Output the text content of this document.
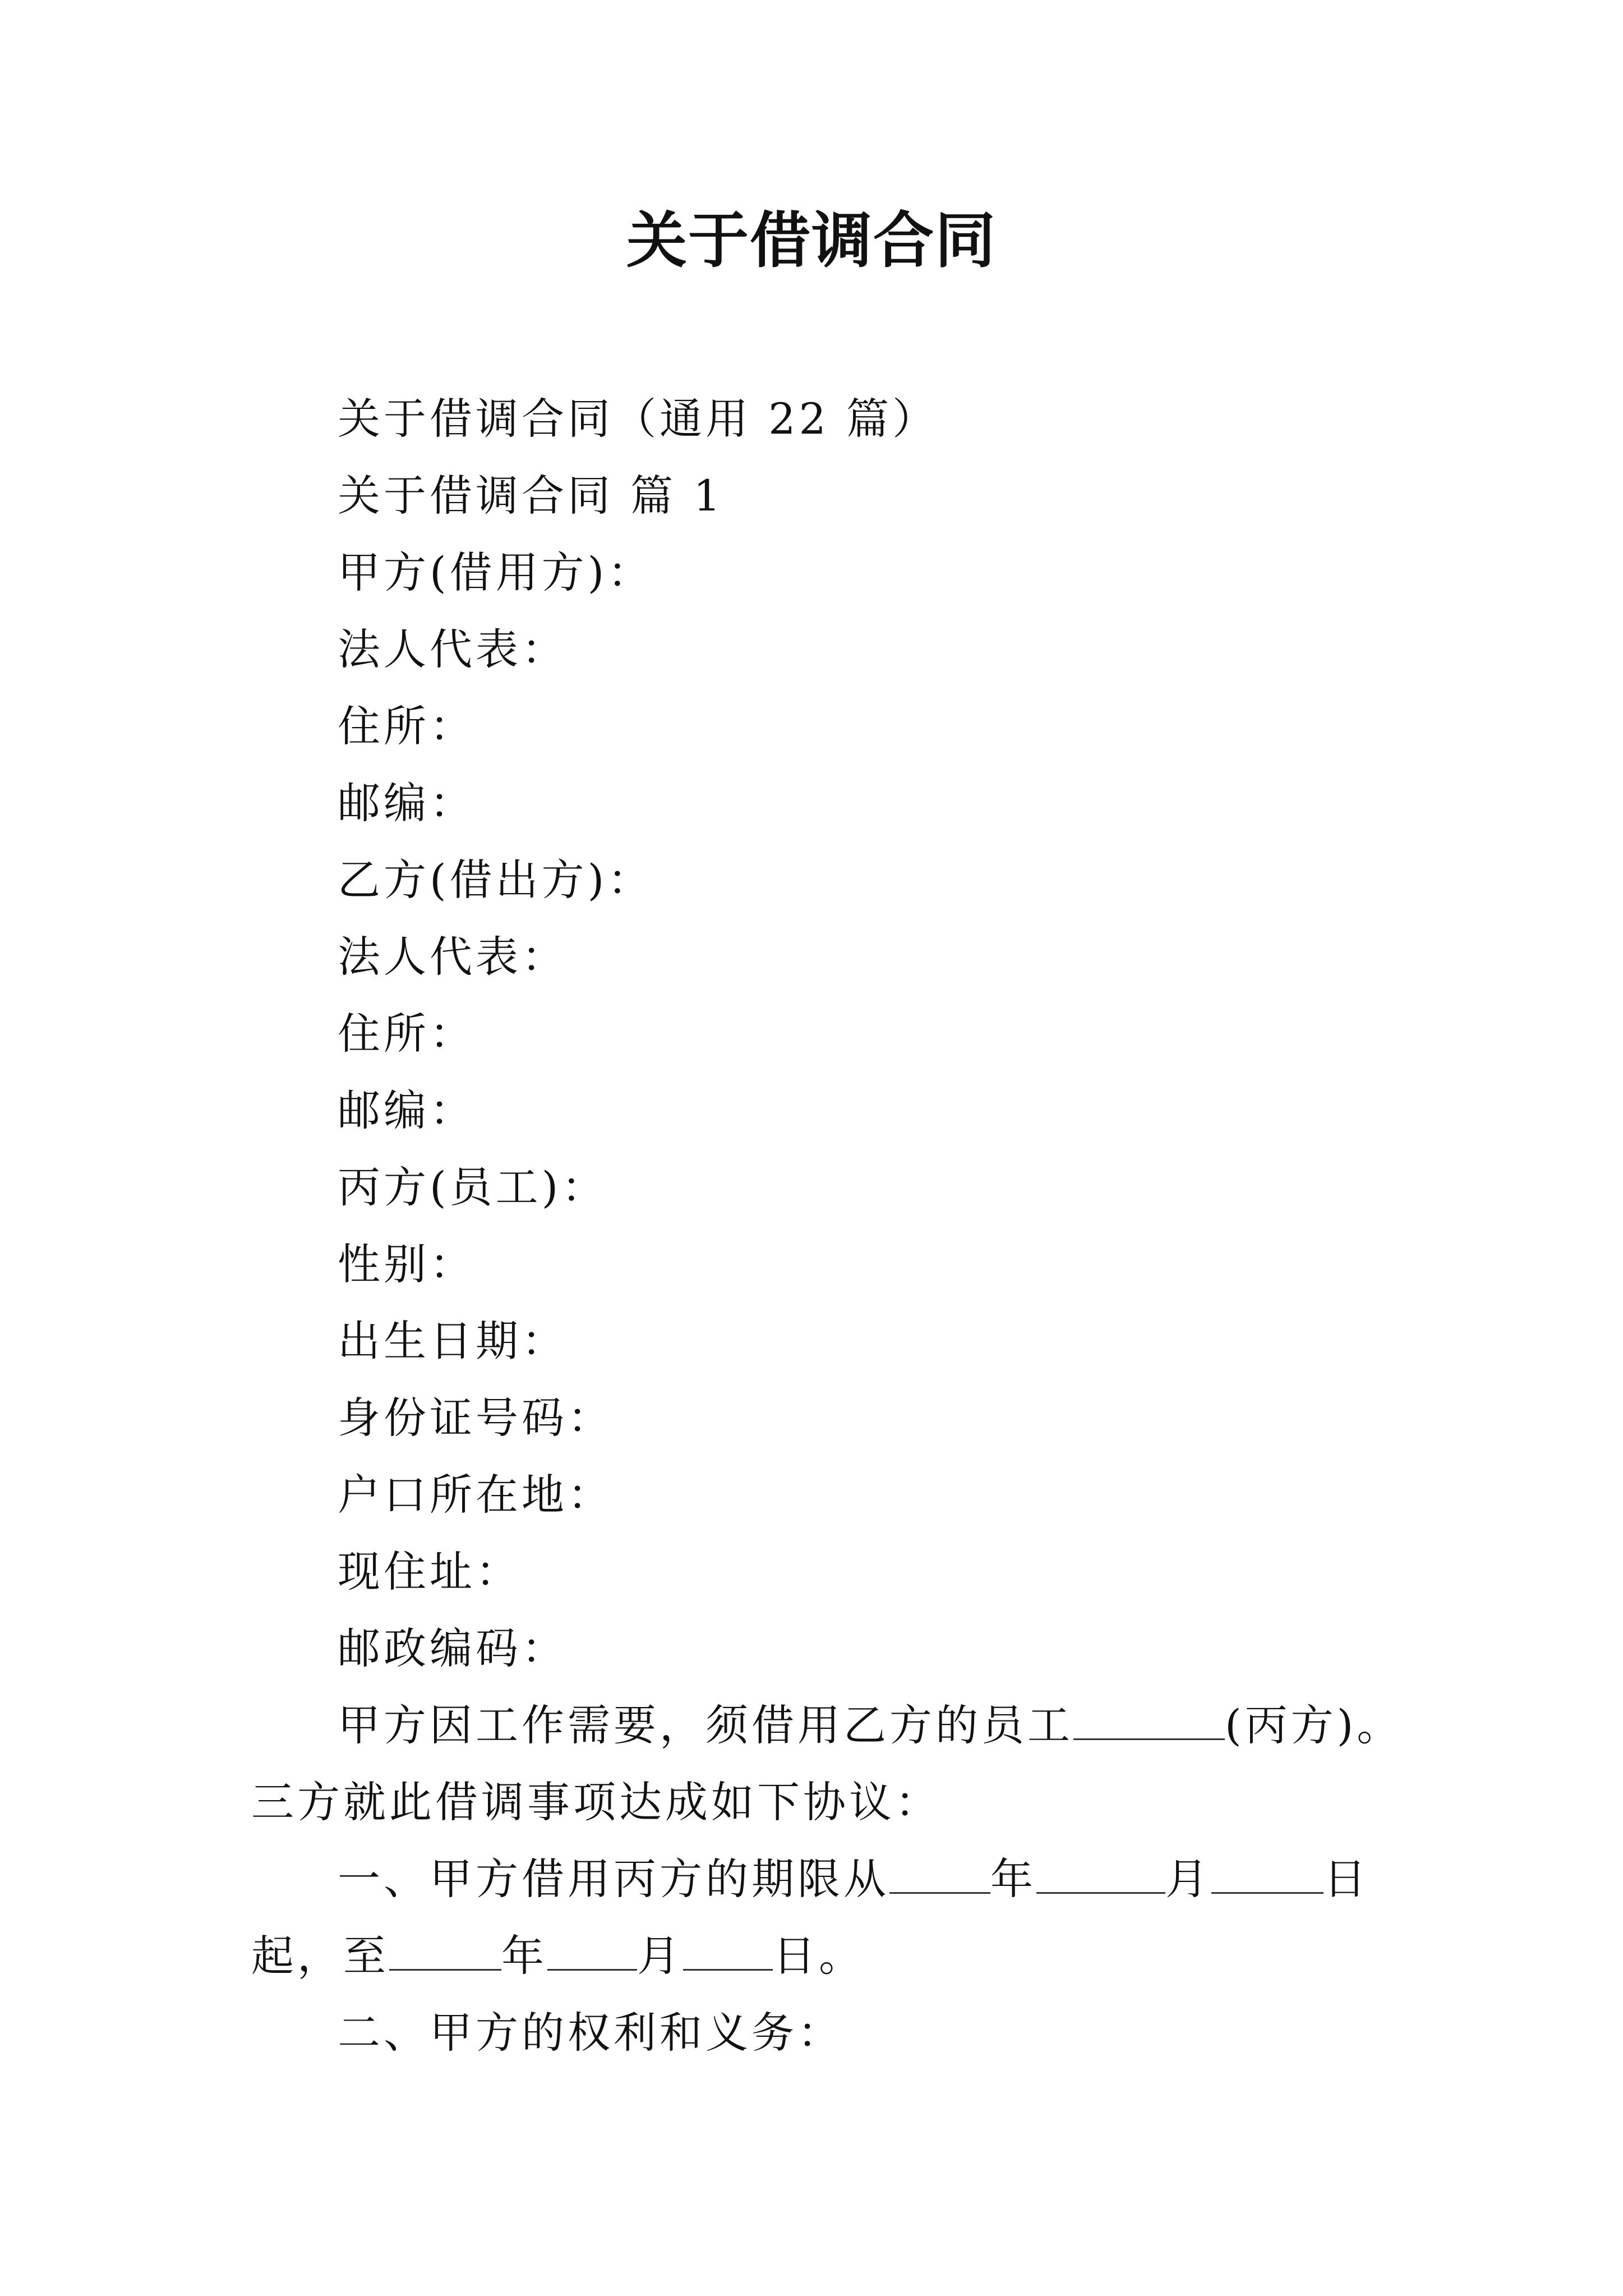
关于借调合同
关于借调合同（通用 22 篇）
关于借调合同 篇 1
甲方(借用方)：
法人代表：
住所：
邮编：
乙方(借出方)：
法人代表：
住所：
邮编：
丙方(员工)：
性别：
出生日期：
身份证号码：
户口所在地：
现住址：
邮政编码：
甲方因工作需要，须借用乙方的员工	(丙方)。
三方就此借调事项达成如下协议：
一、甲方借用丙方的期限从 年	月	日
起，至	年 月 日。
二、甲方的权利和义务：
